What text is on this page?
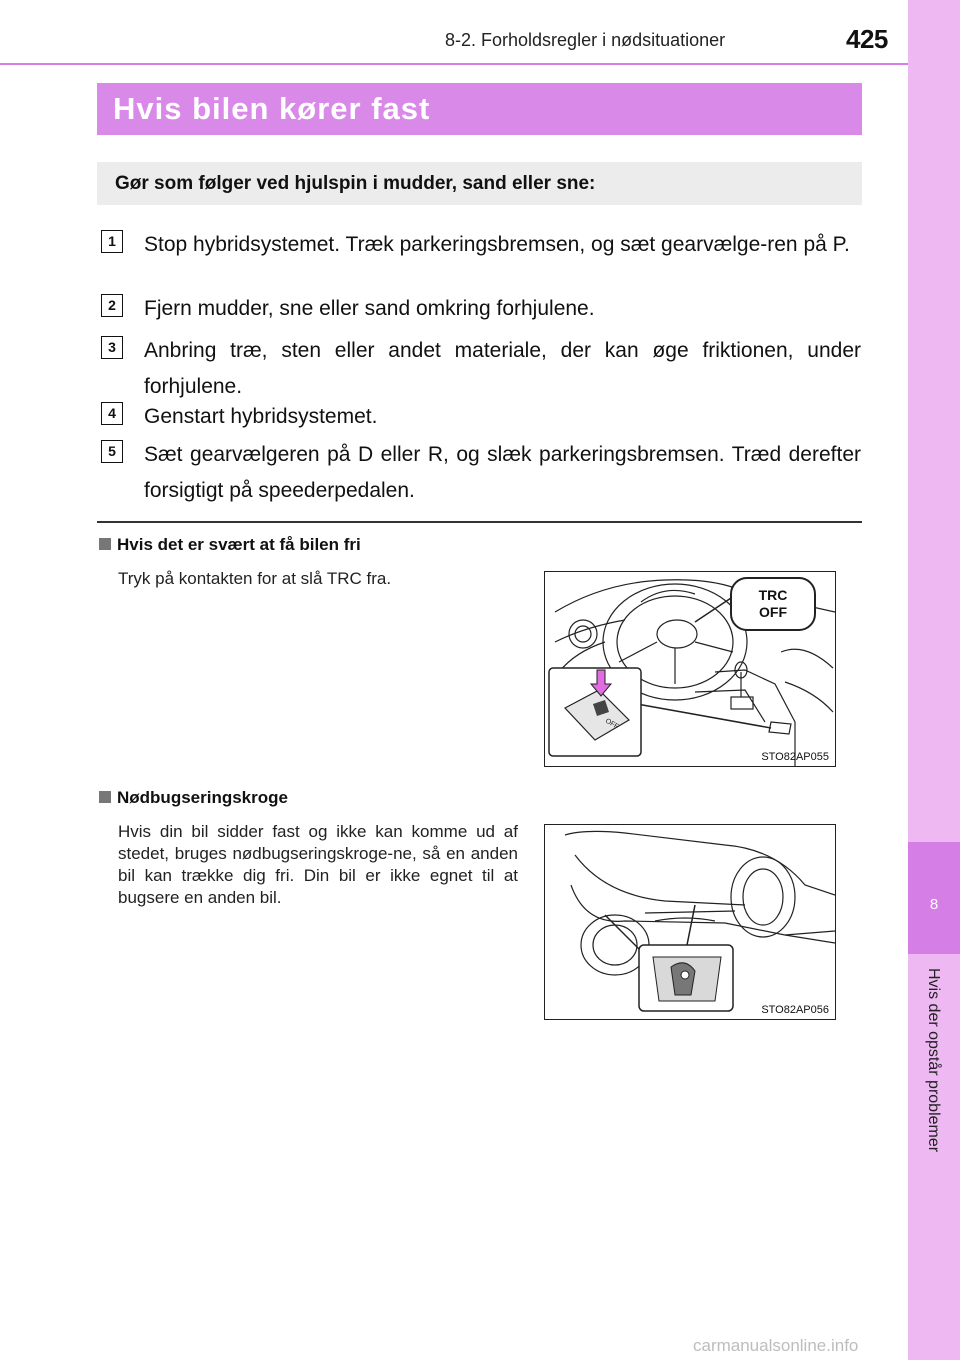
8
Hvis der opstår problemer
8-2. Forholdsregler i nødsituationer	425
Hvis bilen kører fast
Gør som følger ved hjulspin i mudder, sand eller sne:
1	Stop hybridsystemet. Træk parkeringsbremsen, og sæt gearvælge-ren på P.
2	Fjern mudder, sne eller sand omkring forhjulene.
3	Anbring træ, sten eller andet materiale, der kan øge friktionen, under forhjulene.
4	Genstart hybridsystemet.
5	Sæt gearvælgeren på D eller R, og slæk parkeringsbremsen. Træd derefter forsigtigt på speederpedalen.
Hvis det er svært at få bilen fri
Tryk på kontakten for at slå TRC fra.
OFF
TRC
OFF
STO82AP055
Nødbugseringskroge
Hvis din bil sidder fast og ikke kan komme ud af stedet, bruges nødbugseringskroge-ne, så en anden bil kan trække dig fri. Din bil er ikke egnet til at bugsere en anden bil.
STO82AP056
carmanualsonline.info
